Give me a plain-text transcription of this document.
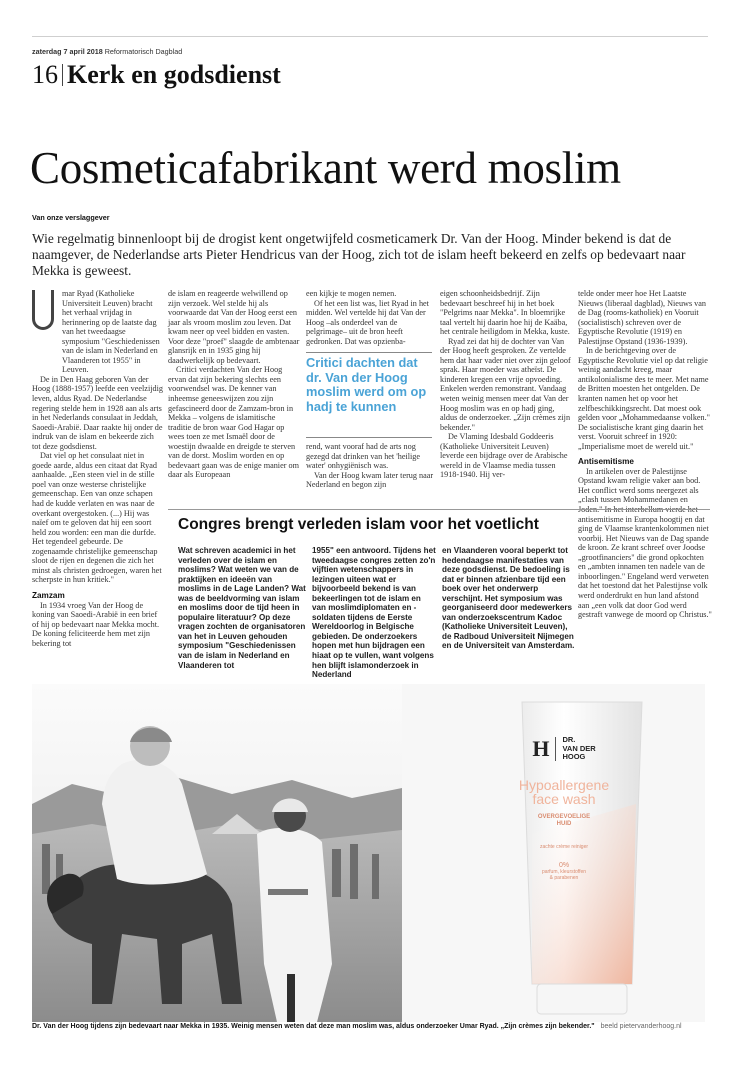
zaterdag 7 april 2018 Reformatorisch Dagblad
16 Kerk en godsdienst
Cosmeticafabrikant werd moslim
Van onze verslaggever
Wie regelmatig binnenloopt bij de drogist kent ongetwijfeld cosmeticamerk Dr. Van der Hoog. Minder bekend is dat de naamgever, de Nederlandse arts Pieter Hendricus van der Hoog, zich tot de islam heeft bekeerd en zelfs op bedevaart naar Mekka is geweest.

mar Ryad (Katholieke Universiteit Leuven) bracht het verhaal vrijdag in herinnering op de laatste dag van het tweedaagse symposium "Geschiedenissen van de islam in Nederland en Vlaanderen tot 1955" in Leuven.

De in Den Haag geboren Van der Hoog (1888-1957) leefde een veelzijdig leven, aldus Ryad. De Nederlandse regering stelde hem in 1928 aan als arts in het Nederlands consulaat in Jeddah, Saoedi-Arabië. Daar raakte hij onder de indruk van de islam en bekeerde zich tot deze godsdienst.

Dat viel op het consulaat niet in goede aarde, aldus een citaat dat Ryad aanhaalde. „Een steen viel in de stille poel van onze westerse christelijke gemeenschap. Een van onze schapen had de kudde verlaten en was naar de overkant overgestoken. (...) Hij was naïef om te geloven dat hij een soort held zou worden: een man die durfde. Het tegendeel gebeurde. De zogenaamde christelijke gemeenschap sloot de rijen en degenen die zich het minst als christen gedroegen, waren het scherpste in hun kritiek."

Zamzam

In 1934 vroeg Van der Hoog de koning van Saoedi-Arabië in een brief of hij op bedevaart naar Mekka mocht. De koning feliciteerde hem met zijn bekering tot

de islam en reageerde welwillend op zijn verzoek. Wel stelde hij als voorwaarde dat Van der Hoog eerst een jaar als vroom moslim zou leven. Dat kwam neer op veel bidden en vasten. Voor deze "proef" slaagde de ambtenaar glansrijk en in 1935 ging hij daadwerkelijk op bedevaart.

Critici verdachten Van der Hoog ervan dat zijn bekering slechts een voorwendsel was. De kenner van inheemse geneeswijzen zou zijn gefascineerd door de Zamzam-bron in Mekka – volgens de islamitische traditie de bron waar God Hagar op wees toen ze met Ismaël door de woestijn dwaalde en dreigde te sterven van de dorst. Moslim worden en op bedevaart gaan was de enige manier om daar als Europeaan

een kijkje te mogen nemen.

Of het een list was, liet Ryad in het midden. Wel vertelde hij dat Van der Hoog –als onderdeel van de pelgrimage– uit de bron heeft gedronken. Dat was opzienba-

Critici dachten dat dr. Van der Hoog moslim werd om op hadj te kunnen

rend, want vooraf had de arts nog gezegd dat drinken van het 'heilige water' onhygiënisch was.

Van der Hoog kwam later terug naar Nederland en begon zijn

eigen schoonheidsbedrijf. Zijn bedevaart beschreef hij in het boek "Pelgrims naar Mekka". In bloemrijke taal vertelt hij daarin hoe hij de Kaäba, het centrale heiligdom in Mekka, kuste.

Ryad zei dat hij de dochter van Van der Hoog heeft gesproken. Ze vertelde hem dat haar vader niet over zijn geloof sprak. Haar moeder was atheïst. De kinderen kregen een vrije opvoeding. Enkelen werden remonstrant. Vandaag weten weinig mensen meer dat Van der Hoog moslim was en op hadj ging, aldus de onderzoeker. „Zijn crèmes zijn bekender."

De Vlaming Idesbald Goddeeris (Katholieke Universiteit Leuven) leverde een bijdrage over de Arabische wereld in de Vlaamse media tussen 1918-1940. Hij ver-

telde onder meer hoe Het Laatste Nieuws (liberaal dagblad), Nieuws van de Dag (rooms-katholiek) en Vooruit (socialistisch) schreven over de Egyptische Revolutie (1919) en Palestijnse Opstand (1936-1939).

In de berichtgeving over de Egyptische Revolutie viel op dat religie weinig aandacht kreeg, maar antikolonialisme des te meer. Met name de Britten moesten het ontgelden. De kranten namen het op voor het zelfbeschikkingsrecht. Dat moest ook gelden voor „Mohammedaanse volken." De socialistische krant ging daarin het verst. Vooruit schreef in 1920: „Imperialisme moet de wereld uit."

Antisemitisme

In artikelen over de Palestijnse Opstand kwam religie vaker aan bod. Het conflict werd soms neergezet als „clash tussen Mohammedanen en Joden." In het interbellum vierde het antisemitisme in Europa hoogtij en dat ging de Vlaamse krantenkolommen niet voorbij. Het Nieuws van de Dag spande de kroon. Ze krant schreef over Joodse „grootfinanciers" die grond opkochten en „ambten innamen ten nadele van de inboorlingen." Engeland werd verweten dat het toestond dat het Palestijnse volk werd onderdrukt en hun land afstond aan „een volk dat door God werd gestraft vanwege de moord op Christus."

Congres brengt verleden islam voor het voetlicht
Wat schreven academici in het verleden over de islam en moslims? Wat weten we van de praktijken en ideeën van moslims in de Lage Landen? Wat was de beeldvorming van islam en moslims door de tijd heen in populaire literatuur? Op deze vragen zochten de organisatoren van het in Leuven gehouden symposium "Geschiedenissen van de islam in Nederland en Vlaanderen tot
1955" een antwoord. Tijdens het tweedaagse congres zetten zo'n vijftien wetenschappers in lezingen uiteen wat er bijvoorbeeld bekend is van bekeerlingen tot de islam en van moslimdiplomaten en -soldaten tijdens de Eerste Wereldoorlog in Belgische gebieden. De onderzoekers hopen met hun bijdragen een hiaat op te vullen, want volgens hen blijft islamonderzoek in Nederland
en Vlaanderen vooral beperkt tot hedendaagse manifestaties van deze godsdienst. De bedoeling is dat er binnen afzienbare tijd een boek over het onderwerp verschijnt. Het symposium was georganiseerd door medewerkers van onderzoekscentrum Kadoc (Katholieke Universiteit Leuven), de Radboud Universiteit Nijmegen en de Universiteit van Amsterdam.
H DR.
VAN DER
HOOG
Hypoallergene
face wash
OVERGEVOELIGE
HUID
zachte crème reiniger
0%
parfum, kleurstoffen
& parabenen
Dr. Van der Hoog tijdens zijn bedevaart naar Mekka in 1935. Weinig mensen weten dat deze man moslim was, aldus onderzoeker Umar Ryad. „Zijn crèmes zijn bekender." beeld pietervanderhoog.nl
